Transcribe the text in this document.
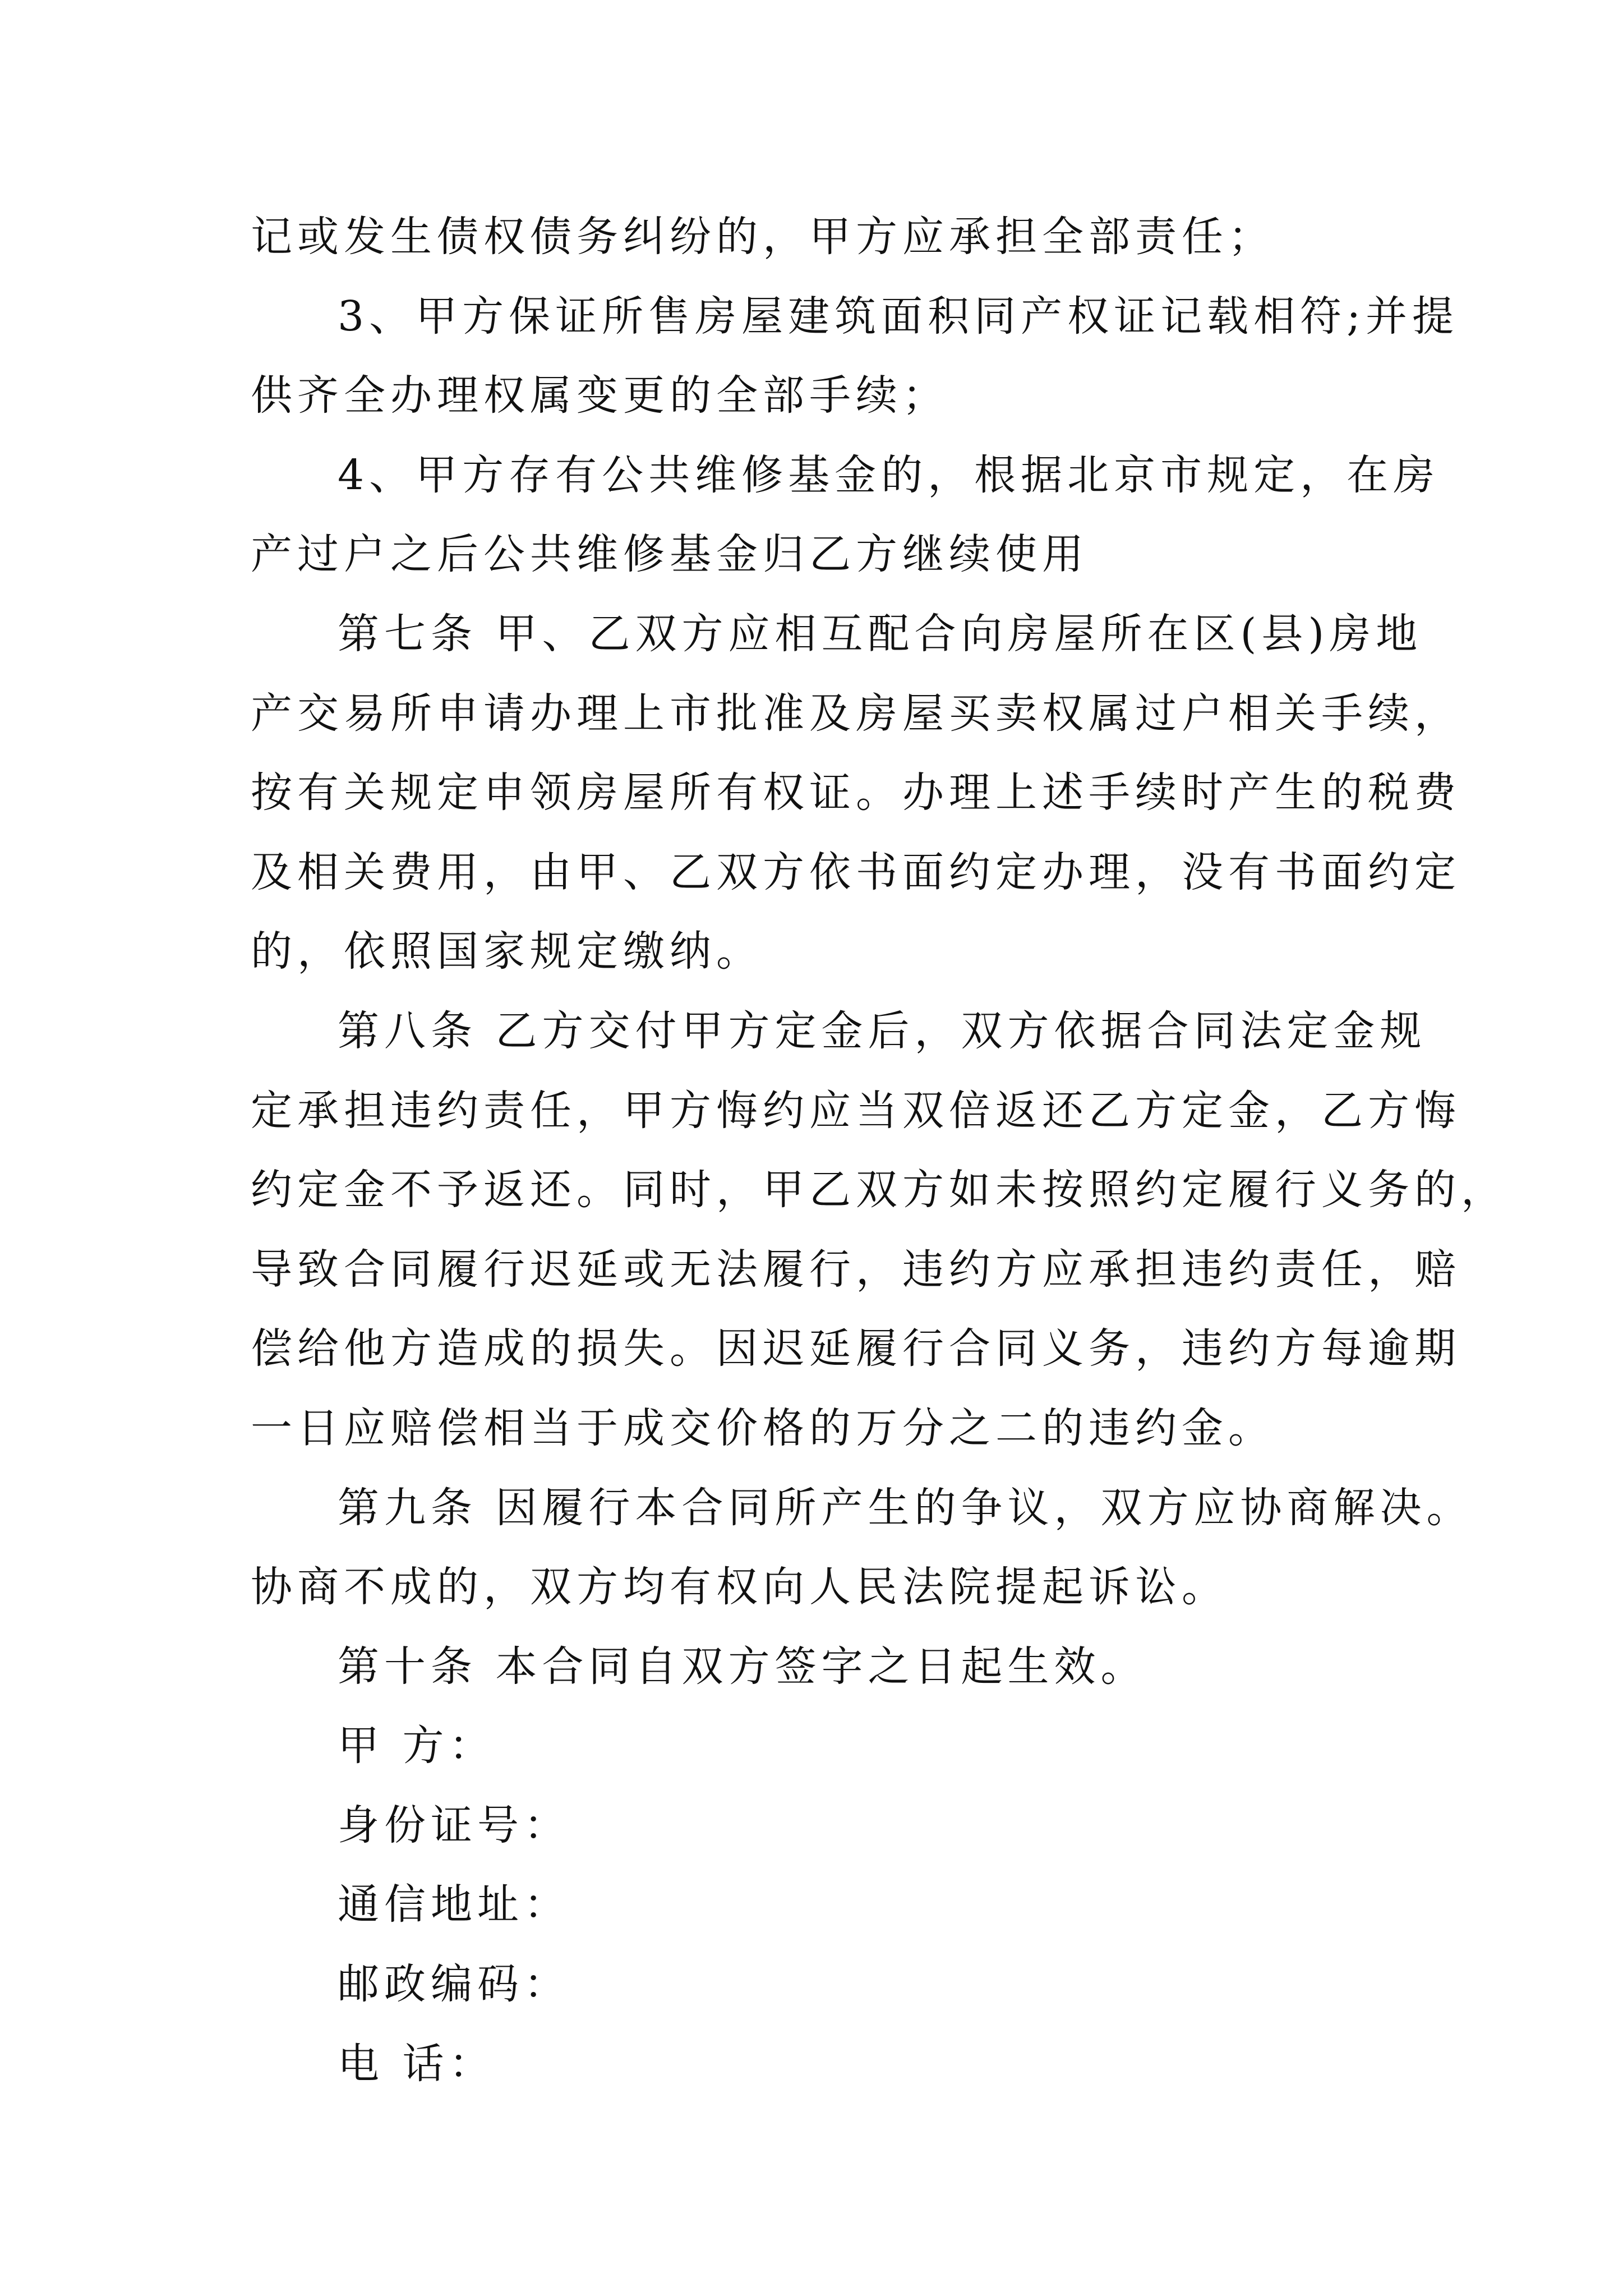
记或发生债权债务纠纷的，甲方应承担全部责任；
3、甲方保证所售房屋建筑面积同产权证记载相符;并提
供齐全办理权属变更的全部手续；
4、甲方存有公共维修基金的，根据北京市规定，在房
产过户之后公共维修基金归乙方继续使用
第七条 甲、乙双方应相互配合向房屋所在区(县)房地
产交易所申请办理上市批准及房屋买卖权属过户相关手续，
按有关规定申领房屋所有权证。办理上述手续时产生的税费
及相关费用，由甲、乙双方依书面约定办理，没有书面约定
的，依照国家规定缴纳。
第八条 乙方交付甲方定金后，双方依据合同法定金规
定承担违约责任，甲方悔约应当双倍返还乙方定金，乙方悔
约定金不予返还。同时，甲乙双方如未按照约定履行义务的，
导致合同履行迟延或无法履行，违约方应承担违约责任，赔
偿给他方造成的损失。因迟延履行合同义务，违约方每逾期
一日应赔偿相当于成交价格的万分之二的违约金。
第九条 因履行本合同所产生的争议，双方应协商解决。
协商不成的，双方均有权向人民法院提起诉讼。
第十条 本合同自双方签字之日起生效。
甲 方：
身份证号：
通信地址：
邮政编码：
电 话：
